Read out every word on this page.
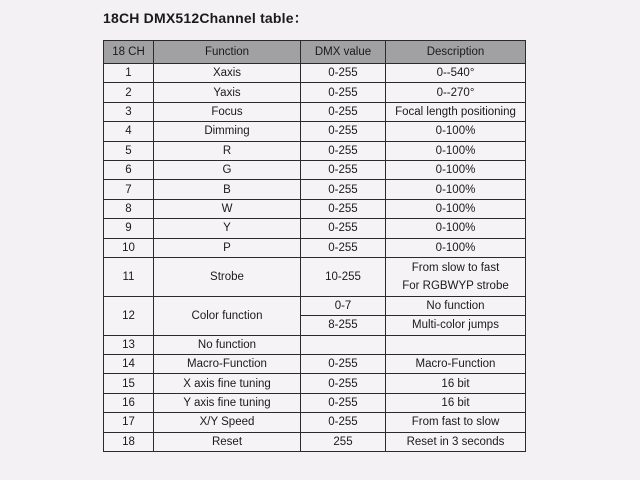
18CH DMX512Channel table：
18 CH	Function	DMX value	Description
1	Xaxis	0-255	0--540°
2	Yaxis	0-255	0--270°
3	Focus	0-255	Focal length positioning
4	Dimming	0-255	0-100%
5	R	0-255	0-100%
6	G	0-255	0-100%
7	B	0-255	0-100%
8	W	0-255	0-100%
9	Y	0-255	0-100%
10	P	0-255	0-100%
11	Strobe	10-255	From slow to fast
For RGBWYP strobe

12	Color function	0-7	No function
		8-255	Multi-color jumps
13	No function		
14	Macro-Function	0-255	Macro-Function
15	X axis fine tuning	0-255	16 bit
16	Y axis fine tuning	0-255	16 bit
17	X/Y Speed	0-255	From fast to slow
18	Reset	255	Reset in 3 seconds
